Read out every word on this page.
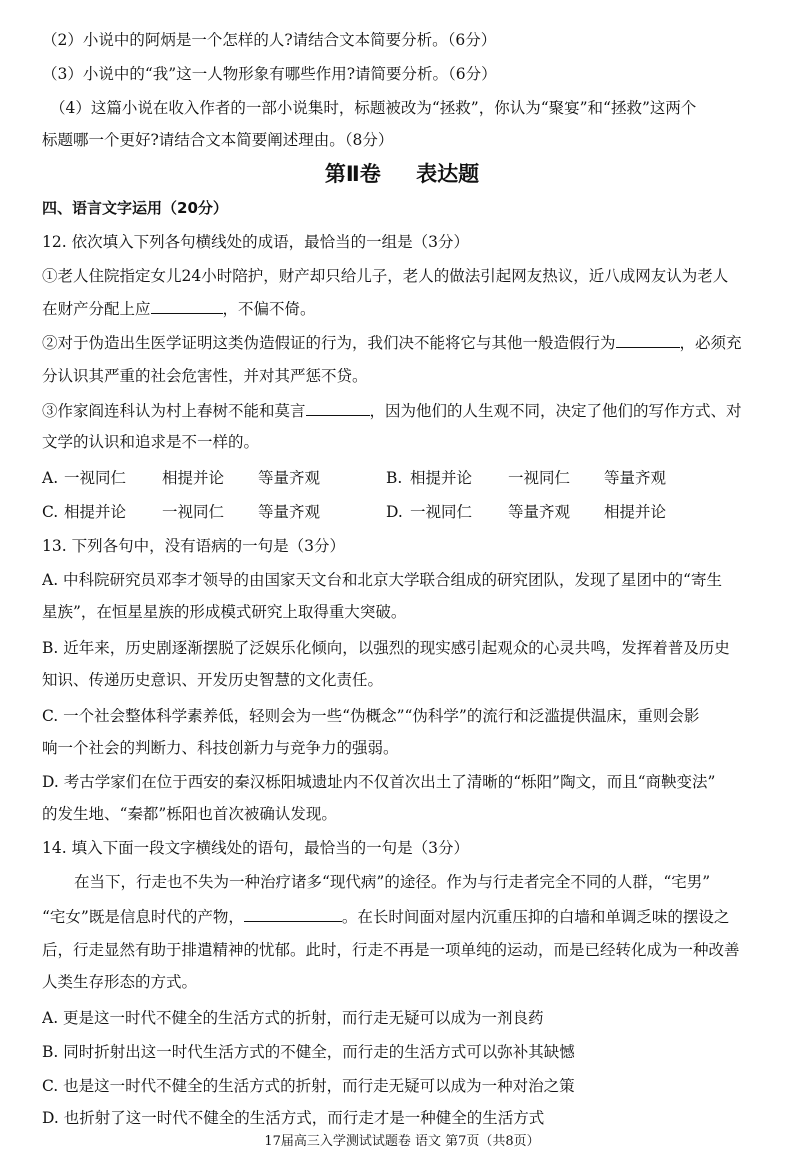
（2）小说中的阿炳是一个怎样的人?请结合文本简要分析。（6分）
（3）小说中的“我”这一人物形象有哪些作用?请简要分析。（6分）
（4）这篇小说在收入作者的一部小说集时，标题被改为“拯救”，你认为“聚宴”和“拯救”这两个
标题哪一个更好?请结合文本简要阐述理由。（8分）
第Ⅱ卷 表达题
四、语言文字运用（20分）
12. 依次填入下列各句横线处的成语，最恰当的一组是（3分）
①老人住院指定女儿24小时陪护，财产却只给儿子，老人的做法引起网友热议，近八成网友认为老人
在财产分配上应	，不偏不倚。
②对于伪造出生医学证明这类伪造假证的行为，我们决不能将它与其他一般造假行为	，必须充
分认识其严重的社会危害性，并对其严惩不贷。
③作家阎连科认为村上春树不能和莫言	，因为他们的人生观不同，决定了他们的写作方式、对
文学的认识和追求是不一样的。
A. 一视同仁 相提并论 等量齐观	B. 相提并论 一视同仁 等量齐观
C. 相提并论 一视同仁 等量齐观	D. 一视同仁 等量齐观 相提并论
13. 下列各句中，没有语病的一句是（3分）
A. 中科院研究员邓李才领导的由国家天文台和北京大学联合组成的研究团队，发现了星团中的“寄生
星族”，在恒星星族的形成模式研究上取得重大突破。
B. 近年来，历史剧逐渐摆脱了泛娱乐化倾向，以强烈的现实感引起观众的心灵共鸣，发挥着普及历史
知识、传递历史意识、开发历史智慧的文化责任。
C. 一个社会整体科学素养低，轻则会为一些“伪概念”“伪科学”的流行和泛滥提供温床，重则会影
响一个社会的判断力、科技创新力与竞争力的强弱。
D. 考古学家们在位于西安的秦汉栎阳城遗址内不仅首次出土了清晰的“栎阳”陶文，而且“商鞅变法”
的发生地、“秦都”栎阳也首次被确认发现。
14. 填入下面一段文字横线处的语句，最恰当的一句是（3分）
在当下，行走也不失为一种治疗诸多“现代病”的途径。作为与行走者完全不同的人群，“宅男”
“宅女”既是信息时代的产物，	。在长时间面对屋内沉重压抑的白墙和单调乏味的摆设之
后，行走显然有助于排遣精神的忧郁。此时，行走不再是一项单纯的运动，而是已经转化成为一种改善
人类生存形态的方式。
A. 更是这一时代不健全的生活方式的折射，而行走无疑可以成为一剂良药
B. 同时折射出这一时代生活方式的不健全，而行走的生活方式可以弥补其缺憾
C. 也是这一时代不健全的生活方式的折射，而行走无疑可以成为一种对治之策
D. 也折射了这一时代不健全的生活方式，而行走才是一种健全的生活方式
17届高三入学测试试题卷 语文 第7页（共8页）
